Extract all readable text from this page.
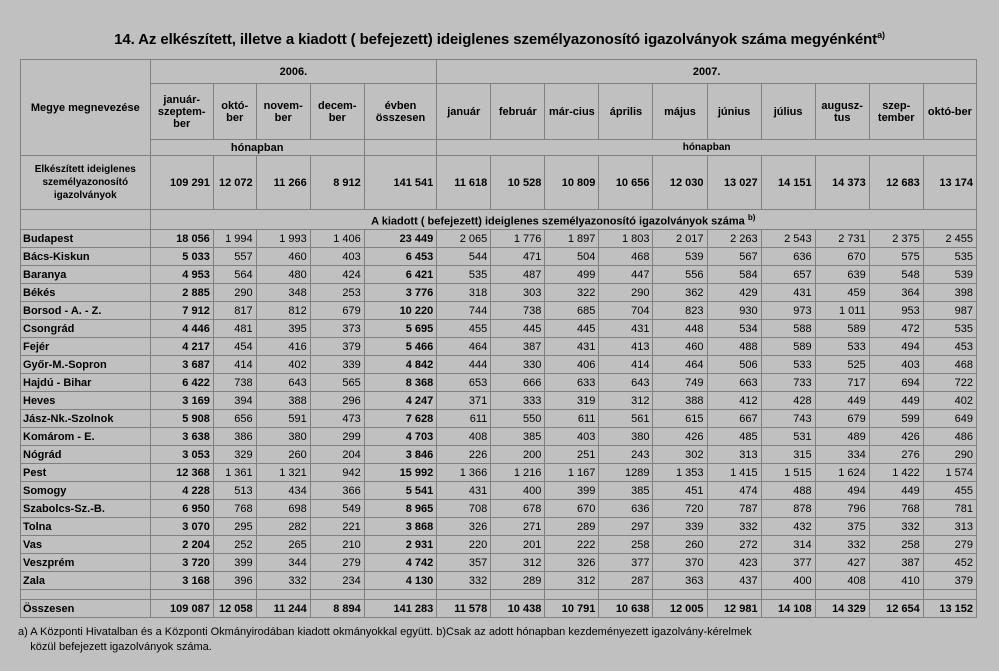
14. Az elkészített, illetve a kiadott ( befejezett) ideiglenes személyazonosító igazolványok száma megyénként$^{a)}$
Megye megnevezése	2006.					2007.									
	január-szeptem-ber	októ-ber	novem-ber	decem-ber	évben összesen	január	február	már-cius	április	május	június	július	augusz-tus	szep-tember	októ-ber
	hónapban					hónapban									
Elkészített ideiglenes személyazonosító igazolványok	109 291	12 072	11 266	8 912	141 541	11 618	10 528	10 809	10 656	12 030	13 027	14 151	14 373	12 683	13 174
	A kiadott ( befejezett) ideiglenes személyazonosító igazolványok száma $^{b)}$
Budapest	18 056	1 994	1 993	1 406	23 449	2 065	1 776	1 897	1 803	2 017	2 263	2 543	2 731	2 375	2 455
Bács-Kiskun	5 033	557	460	403	6 453	544	471	504	468	539	567	636	670	575	535
Baranya	4 953	564	480	424	6 421	535	487	499	447	556	584	657	639	548	539
Békés	2 885	290	348	253	3 776	318	303	322	290	362	429	431	459	364	398
Borsod - A. - Z.	7 912	817	812	679	10 220	744	738	685	704	823	930	973	1 011	953	987
Csongrád	4 446	481	395	373	5 695	455	445	445	431	448	534	588	589	472	535
Fejér	4 217	454	416	379	5 466	464	387	431	413	460	488	589	533	494	453
Győr-M.-Sopron	3 687	414	402	339	4 842	444	330	406	414	464	506	533	525	403	468
Hajdú - Bihar	6 422	738	643	565	8 368	653	666	633	643	749	663	733	717	694	722
Heves	3 169	394	388	296	4 247	371	333	319	312	388	412	428	449	449	402
Jász-Nk.-Szolnok	5 908	656	591	473	7 628	611	550	611	561	615	667	743	679	599	649
Komárom - E.	3 638	386	380	299	4 703	408	385	403	380	426	485	531	489	426	486
Nógrád	3 053	329	260	204	3 846	226	200	251	243	302	313	315	334	276	290
Pest	12 368	1 361	1 321	942	15 992	1 366	1 216	1 167	1289	1 353	1 415	1 515	1 624	1 422	1 574
Somogy	4 228	513	434	366	5 541	431	400	399	385	451	474	488	494	449	455
Szabolcs-Sz.-B.	6 950	768	698	549	8 965	708	678	670	636	720	787	878	796	768	781
Tolna	3 070	295	282	221	3 868	326	271	289	297	339	332	432	375	332	313
Vas	2 204	252	265	210	2 931	220	201	222	258	260	272	314	332	258	279
Veszprém	3 720	399	344	279	4 742	357	312	326	377	370	423	377	427	387	452
Zala	3 168	396	332	234	4 130	332	289	312	287	363	437	400	408	410	379

Összesen	109 087	12 058	11 244	8 894	141 283	11 578	10 438	10 791	10 638	12 005	12 981	14 108	14 329	12 654	13 152
a) A Központi Hivatalban és a Központi Okmányirodában kiadott okmányokkal együtt. b)Csak az adott hónapban kezdeményezett igazolvány-kérelmek
közül befejezett igazolványok száma.
